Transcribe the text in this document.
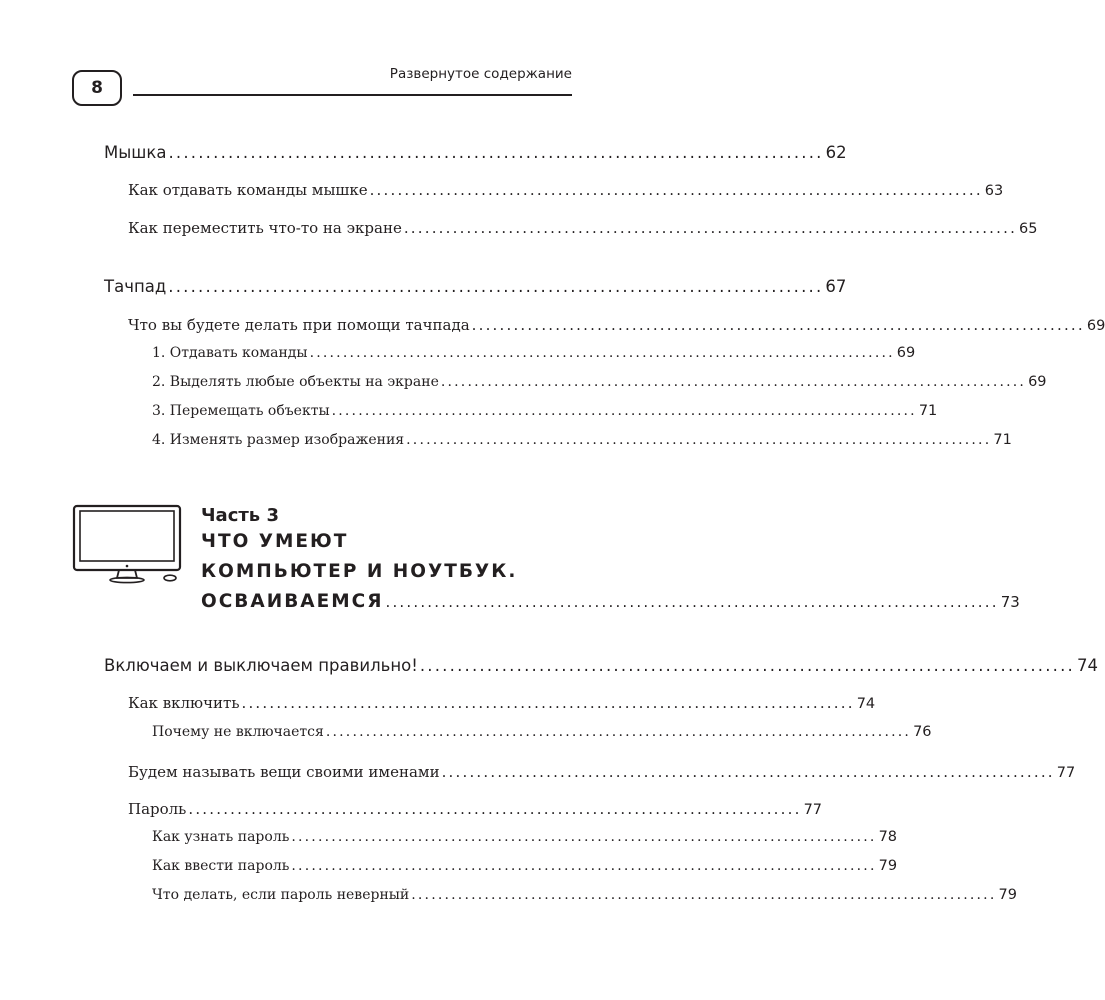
8
Развернутое содержание
Мышка ........................................................................................ 62
Как отдавать команды мышке ........................................................................................ 63
Как переместить что-то на экране ........................................................................................ 65
Тачпад ........................................................................................ 67
Что вы будете делать при помощи тачпада ........................................................................................ 69
1. Отдавать команды ........................................................................................ 69
2. Выделять любые объекты на экране ........................................................................................ 69
3. Перемещать объекты ........................................................................................ 71
4. Изменять размер изображения ........................................................................................ 71
Часть 3
ЧТО УМЕЮТ
КОМПЬЮТЕР И НОУТБУК.
ОСВАИВАЕМСЯ ........................................................................................ 73
Включаем и выключаем правильно! ........................................................................................ 74
Как включить ........................................................................................ 74
Почему не включается ........................................................................................ 76
Будем называть вещи своими именами ........................................................................................ 77
Пароль ........................................................................................ 77
Как узнать пароль ........................................................................................ 78
Как ввести пароль ........................................................................................ 79
Что делать, если пароль неверный ........................................................................................ 79
